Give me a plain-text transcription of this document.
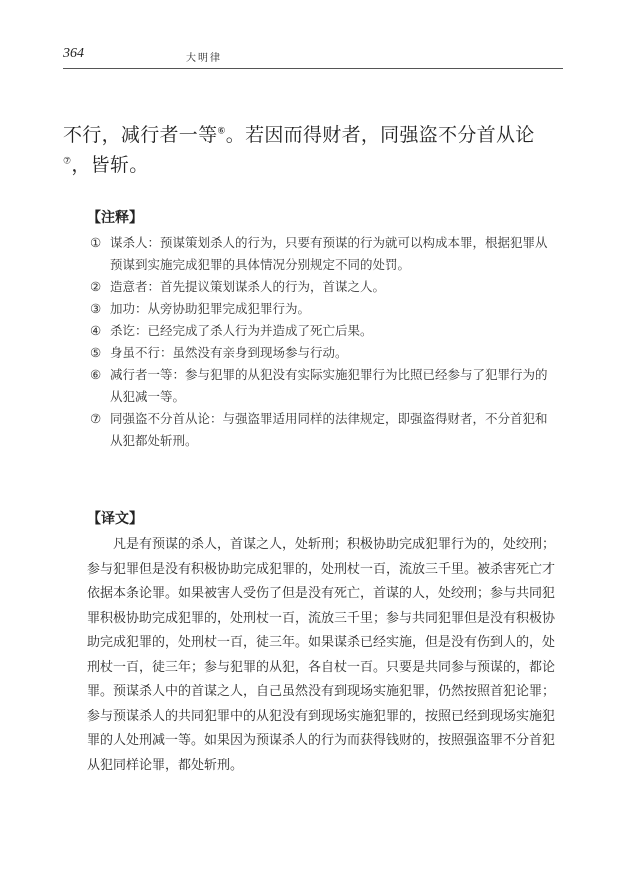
364	大明律
不行，减行者一等⑥。若因而得财者，同强盗不分首从论⑦，皆斩。
【注释】

① 谋杀人：预谋策划杀人的行为，只要有预谋的行为就可以构成本罪，根据犯罪从预谋到实施完成犯罪的具体情况分别规定不同的处罚。

② 造意者：首先提议策划谋杀人的行为，首谋之人。

③ 加功：从旁协助犯罪完成犯罪行为。

④ 杀讫：已经完成了杀人行为并造成了死亡后果。

⑤ 身虽不行：虽然没有亲身到现场参与行动。

⑥ 减行者一等：参与犯罪的从犯没有实际实施犯罪行为比照已经参与了犯罪行为的从犯减一等。

⑦ 同强盗不分首从论：与强盗罪适用同样的法律规定，即强盗得财者，不分首犯和从犯都处斩刑。

【译文】

凡是有预谋的杀人，首谋之人，处斩刑；积极协助完成犯罪行为的，处绞刑；参与犯罪但是没有积极协助完成犯罪的，处刑杖一百，流放三千里。被杀害死亡才依据本条论罪。如果被害人受伤了但是没有死亡，首谋的人，处绞刑；参与共同犯罪积极协助完成犯罪的，处刑杖一百，流放三千里；参与共同犯罪但是没有积极协助完成犯罪的，处刑杖一百，徒三年。如果谋杀已经实施，但是没有伤到人的，处刑杖一百，徒三年；参与犯罪的从犯，各自杖一百。只要是共同参与预谋的，都论罪。预谋杀人中的首谋之人，自己虽然没有到现场实施犯罪，仍然按照首犯论罪；参与预谋杀人的共同犯罪中的从犯没有到现场实施犯罪的，按照已经到现场实施犯罪的人处刑减一等。如果因为预谋杀人的行为而获得钱财的，按照强盗罪不分首犯从犯同样论罪，都处斩刑。
